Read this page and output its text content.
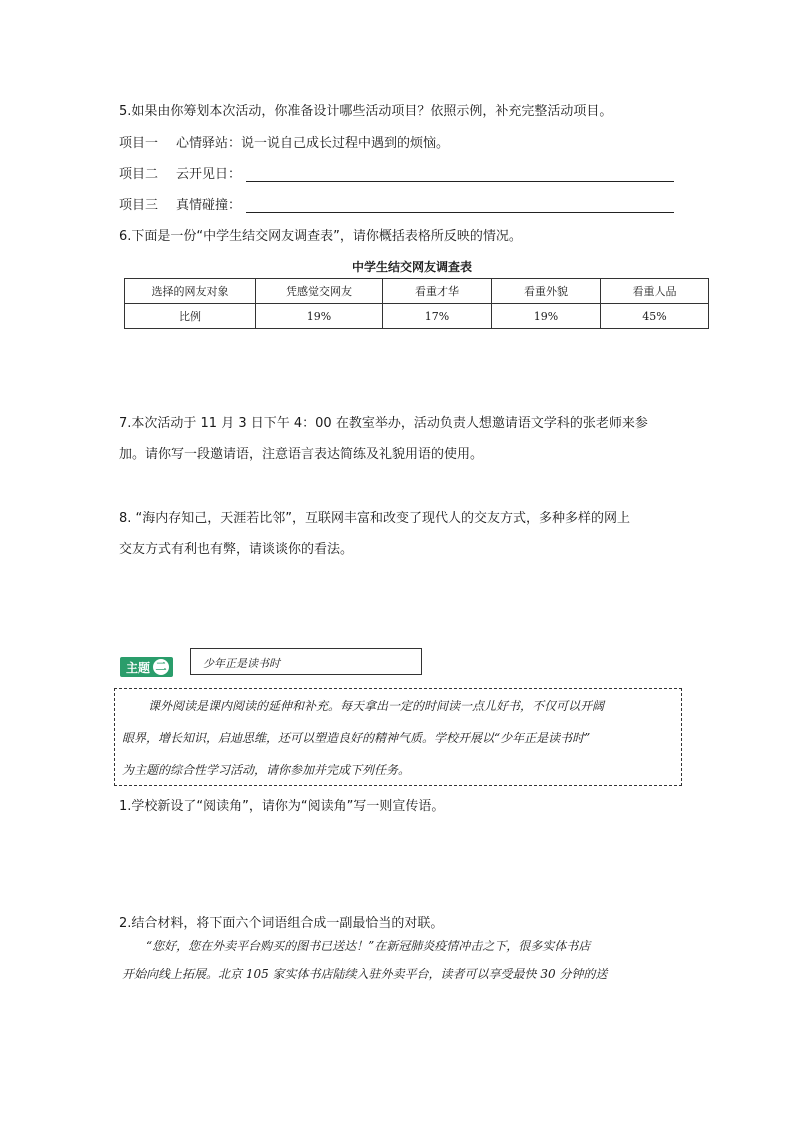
5.如果由你筹划本次活动，你准备设计哪些活动项目？依照示例，补充完整活动项目。
项目一 心情驿站：说一说自己成长过程中遇到的烦恼。
项目二 云开见日：
项目三 真情碰撞：
6.下面是一份“中学生结交网友调查表”，请你概括表格所反映的情况。
中学生结交网友调查表
选择的网友对象	凭感觉交网友	看重才华	看重外貌	看重人品
比例	19%	17%	19%	45%
7.本次活动于 11 月 3 日下午 4：00 在教室举办，活动负责人想邀请语文学科的张老师来参
加。请你写一段邀请语，注意语言表达简练及礼貌用语的使用。
8. “海内存知己，天涯若比邻”，互联网丰富和改变了现代人的交友方式，多种多样的网上
交友方式有利也有弊，请谈谈你的看法。
主题 二	少年正是读书时
课外阅读是课内阅读的延伸和补充。每天拿出一定的时间读一点儿好书，不仅可以开阔
眼界，增长知识，启迪思维，还可以塑造良好的精神气质。学校开展以“少年正是读书时”
为主题的综合性学习活动，请你参加并完成下列任务。
1.学校新设了“阅读角”，请你为“阅读角”写一则宣传语。
2.结合材料，将下面六个词语组合成一副最恰当的对联。
“您好，您在外卖平台购买的图书已送达！”在新冠肺炎疫情冲击之下，很多实体书店
开始向线上拓展。北京 105 家实体书店陆续入驻外卖平台，读者可以享受最快 30 分钟的送
